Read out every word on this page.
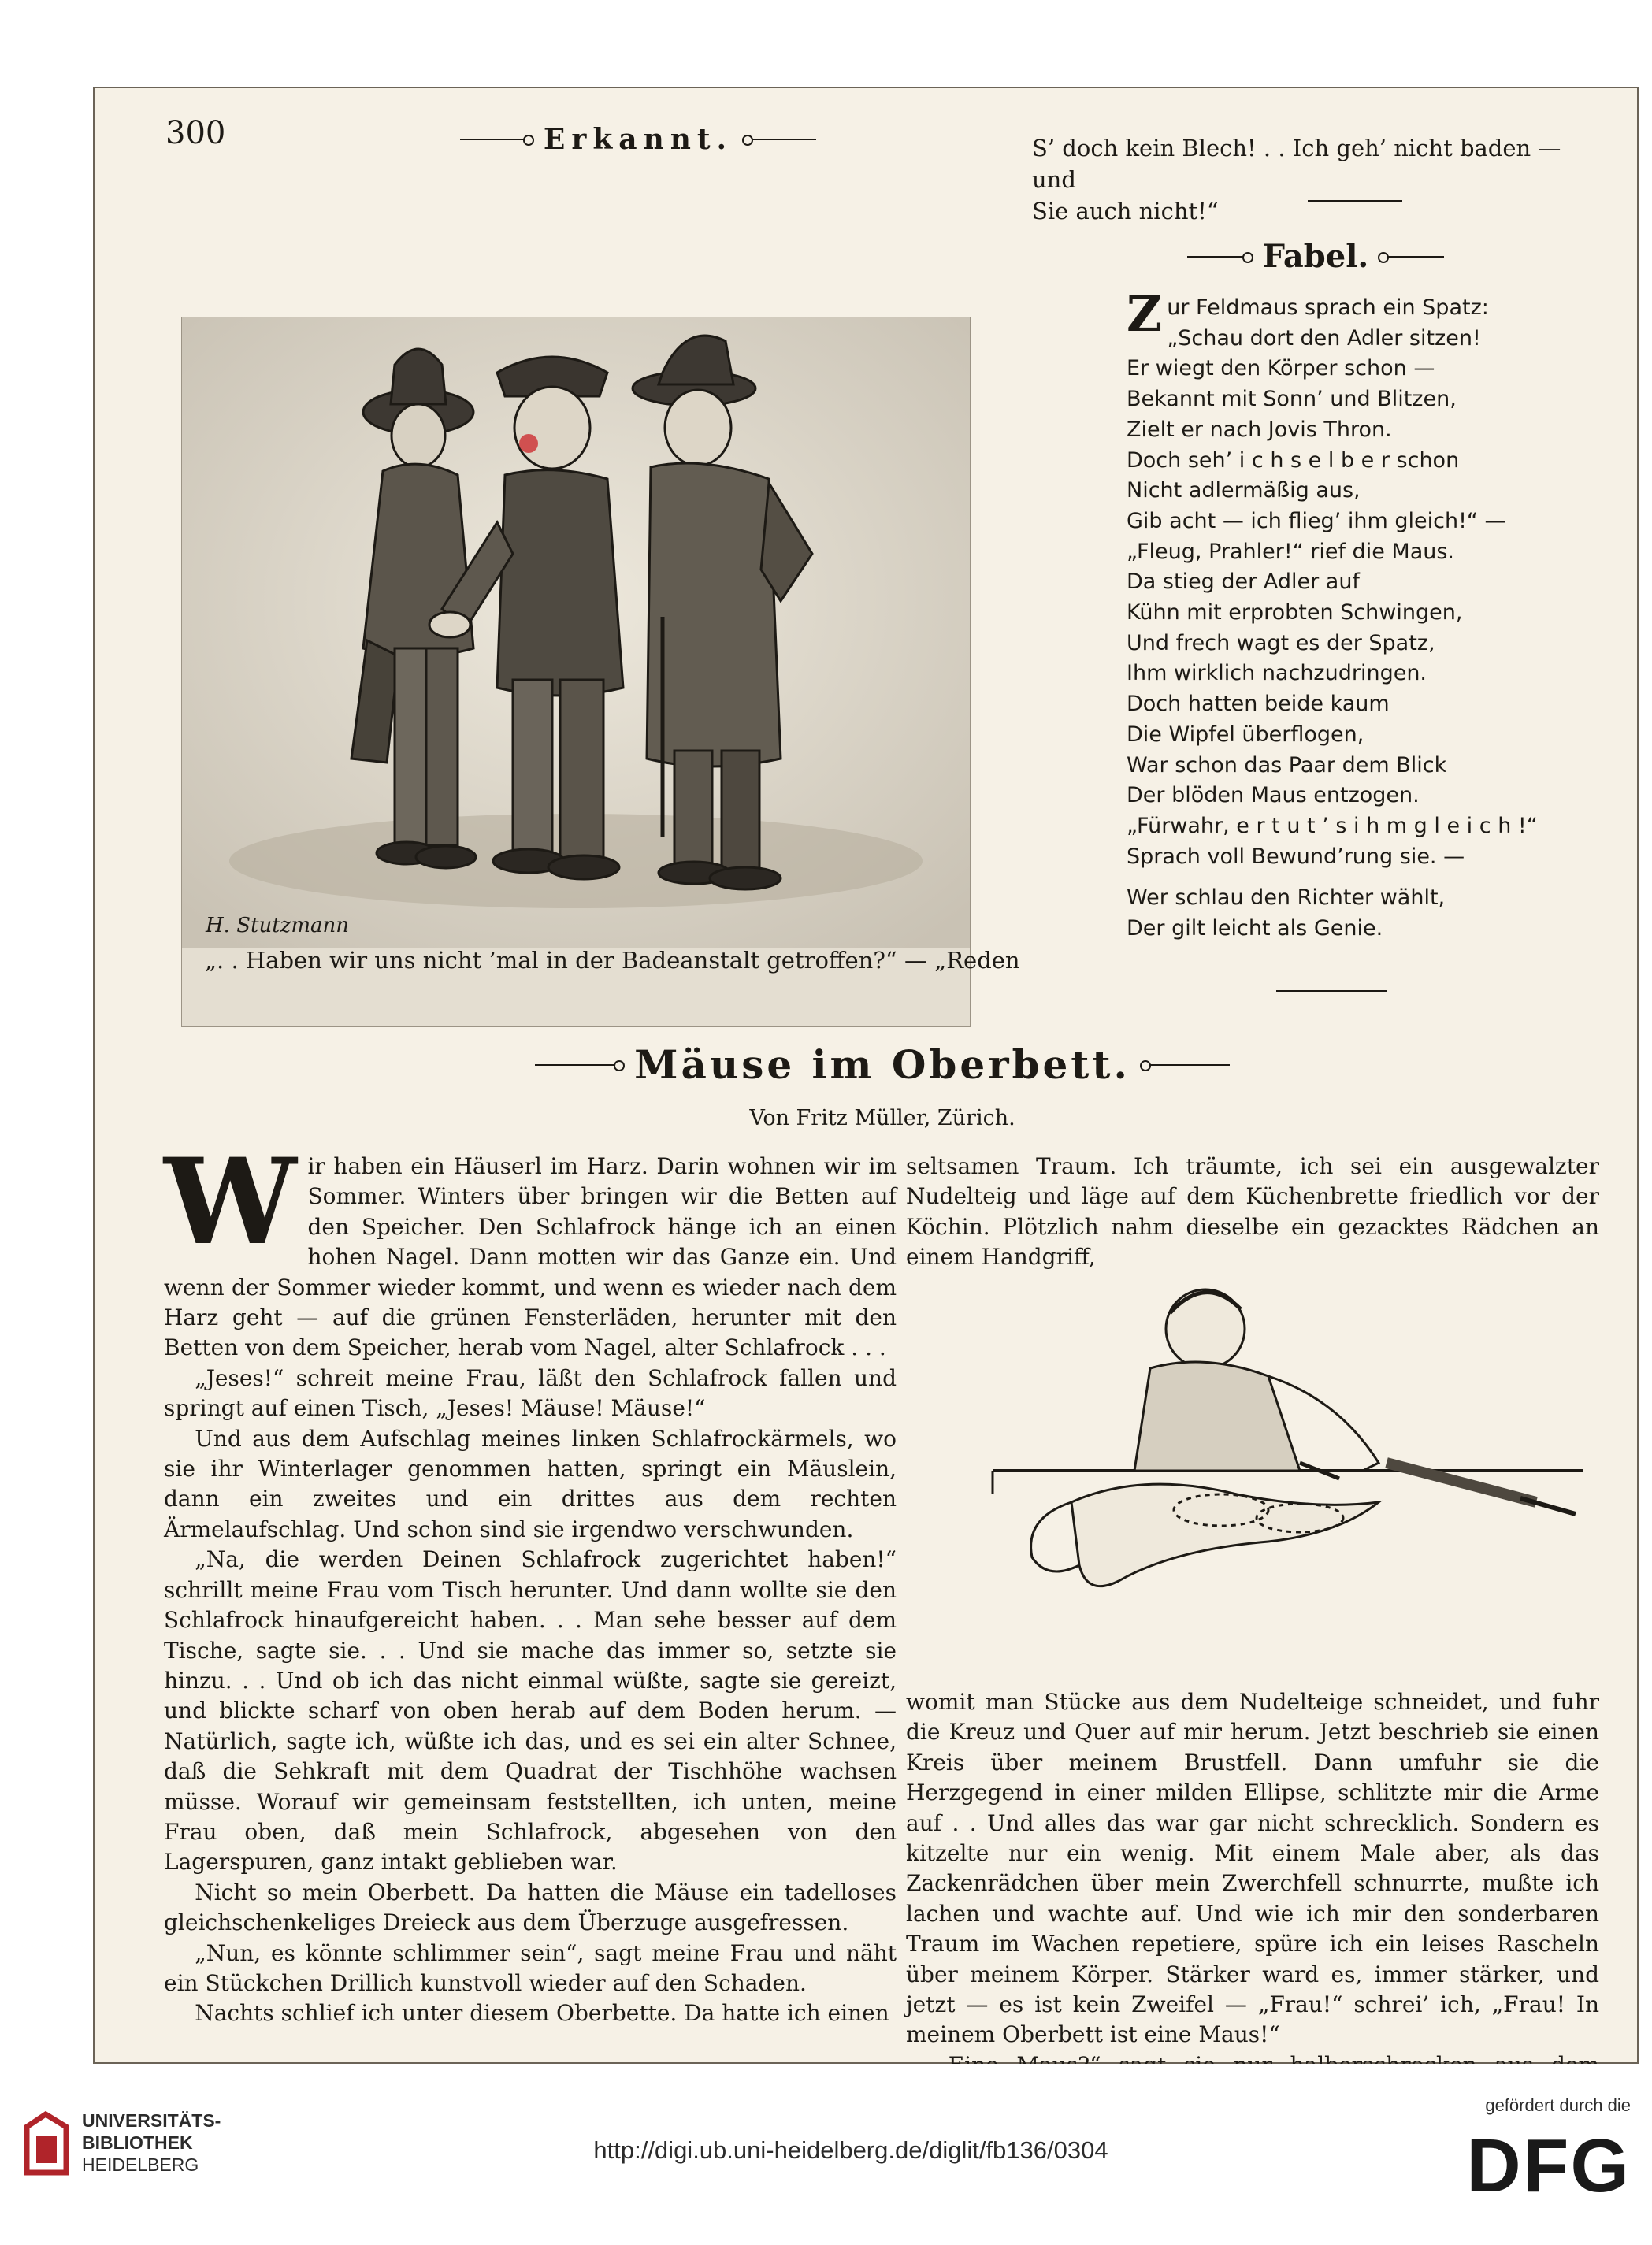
300	Erkannt.
H. Stutzmann
„. . Haben wir uns nicht ’mal in der Badeanstalt getroffen?“ — „Reden
S’ doch kein Blech! . . Ich geh’ nicht baden — und
Sie auch nicht!“
Fabel.
Zur Feldmaus sprach ein Spatz:
„Schau dort den Adler sitzen!
Er wiegt den Körper schon —
Bekannt mit Sonn’ und Blitzen,
Zielt er nach Jovis Thron.
Doch seh’ i c h s e l b e r schon
Nicht adlermäßig aus,
Gib acht — ich flieg’ ihm gleich!“ —
„Fleug, Prahler!“ rief die Maus.
Da stieg der Adler auf
Kühn mit erprobten Schwingen,
Und frech wagt es der Spatz,
Ihm wirklich nachzudringen.
Doch hatten beide kaum
Die Wipfel überflogen,
War schon das Paar dem Blick
Der blöden Maus entzogen.
„Fürwahr, e r t u t ’ s i h m g l e i c h !“
Sprach voll Bewund’rung sie. —
Wer schlau den Richter wählt,
Der gilt leicht als Genie.
Mäuse im Oberbett.
Von Fritz Müller, Zürich.

Wir haben ein Häuserl im Harz. Darin wohnen wir im Sommer. Winters über bringen wir die Betten auf den Speicher. Den Schlafrock hänge ich an einen hohen Nagel. Dann motten wir das Ganze ein. Und wenn der Sommer wieder kommt, und wenn es wieder nach dem Harz geht — auf die grünen Fensterläden, herunter mit den Betten von dem Speicher, herab vom Nagel, alter Schlafrock . . .

„Jeses!“ schreit meine Frau, läßt den Schlafrock fallen und springt auf einen Tisch, „Jeses! Mäuse! Mäuse!“

Und aus dem Aufschlag meines linken Schlafrockärmels, wo sie ihr Winterlager genommen hatten, springt ein Mäuslein, dann ein zweites und ein drittes aus dem rechten Ärmelaufschlag. Und schon sind sie irgendwo verschwunden.

„Na, die werden Deinen Schlafrock zugerichtet haben!“ schrillt meine Frau vom Tisch herunter. Und dann wollte sie den Schlafrock hinaufgereicht haben. . . Man sehe besser auf dem Tische, sagte sie. . . Und sie mache das immer so, setzte sie hinzu. . . Und ob ich das nicht einmal wüßte, sagte sie gereizt, und blickte scharf von oben herab auf dem Boden herum. — Natürlich, sagte ich, wüßte ich das, und es sei ein alter Schnee, daß die Sehkraft mit dem Quadrat der Tischhöhe wachsen müsse. Worauf wir gemeinsam feststellten, ich unten, meine Frau oben, daß mein Schlafrock, abgesehen von den Lagerspuren, ganz intakt geblieben war.

Nicht so mein Oberbett. Da hatten die Mäuse ein tadelloses gleichschenkeliges Dreieck aus dem Überzuge ausgefressen.

„Nun, es könnte schlimmer sein“, sagt meine Frau und näht ein Stückchen Drillich kunstvoll wieder auf den Schaden.

Nachts schlief ich unter diesem Oberbette. Da hatte ich einen

seltsamen Traum. Ich träumte, ich sei ein ausgewalzter Nudelteig und läge auf dem Küchenbrette friedlich vor der Köchin. Plötzlich nahm dieselbe ein gezacktes Rädchen an einem Handgriff,

womit man Stücke aus dem Nudelteige schneidet, und fuhr die Kreuz und Quer auf mir herum. Jetzt beschrieb sie einen Kreis über meinem Brustfell. Dann umfuhr sie die Herzgegend in einer milden Ellipse, schlitzte mir die Arme auf . . Und alles das war gar nicht schrecklich. Sondern es kitzelte nur ein wenig. Mit einem Male aber, als das Zackenrädchen über mein Zwerchfell schnurrte, mußte ich lachen und wachte auf. Und wie ich mir den sonderbaren Traum im Wachen repetiere, spüre ich ein leises Rascheln über meinem Körper. Stärker ward es, immer stärker, und jetzt — es ist kein Zweifel — „Frau!“ schrei’ ich, „Frau! In meinem Oberbett ist eine Maus!“

UNIVERSITÄTS-
BIBLIOTHEK
HEIDELBERG
http://digi.ub.uni-heidelberg.de/diglit/fb136/0304
gefördert durch die
DFG
